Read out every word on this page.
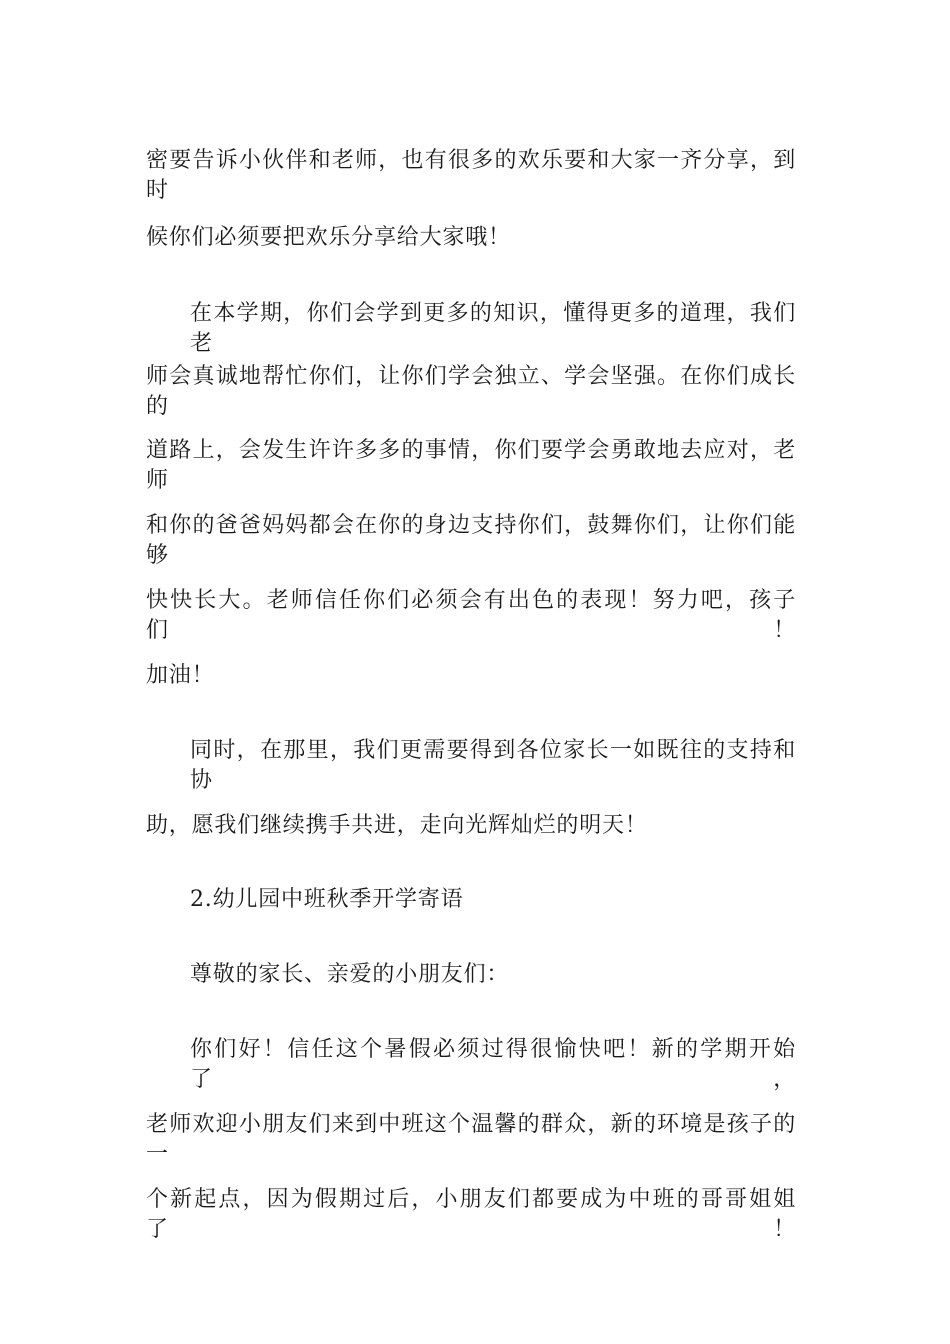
密要告诉小伙伴和老师，也有很多的欢乐要和大家一齐分享，到时
候你们必须要把欢乐分享给大家哦！
在本学期，你们会学到更多的知识，懂得更多的道理，我们老
师会真诚地帮忙你们，让你们学会独立、学会坚强。在你们成长的
道路上，会发生许许多多的事情，你们要学会勇敢地去应对，老师
和你的爸爸妈妈都会在你的身边支持你们，鼓舞你们，让你们能够
快快长大。老师信任你们必须会有出色的表现！努力吧，孩子们！
加油！
同时，在那里，我们更需要得到各位家长一如既往的支持和协
助，愿我们继续携手共进，走向光辉灿烂的明天！
2.幼儿园中班秋季开学寄语
尊敬的家长、亲爱的小朋友们：
你们好！信任这个暑假必须过得很愉快吧！新的学期开始了，
老师欢迎小朋友们来到中班这个温馨的群众，新的环境是孩子的一
个新起点，因为假期过后，小朋友们都要成为中班的哥哥姐姐了！
